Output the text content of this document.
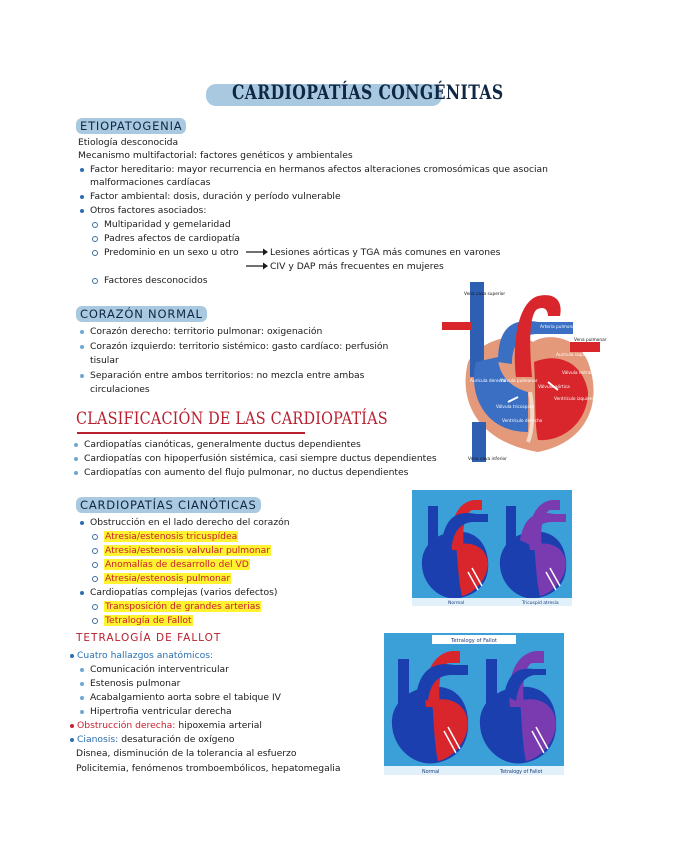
CARDIOPATÍAS CONGÉNITAS
ETIOPATOGENIA
Etiología desconocida
Mecanismo multifactorial: factores genéticos y ambientales
Factor hereditario: mayor recurrencia en hermanos afectos alteraciones cromosómicas que asocian
malformaciones cardíacas
Factor ambiental: dosis, duración y período vulnerable
Otros factores asociados:
Multiparidad y gemelaridad
Padres afectos de cardiopatía
Predominio en un sexo u otro	Lesiones aórticas y TGA más comunes en varones
CIV y DAP más frecuentes en mujeres
Factores desconocidos
CORAZÓN NORMAL
Corazón derecho: territorio pulmonar: oxigenación
Corazón izquierdo: territorio sistémico: gasto cardíaco: perfusión
tisular
Separación entre ambos territorios: no mezcla entre ambas
circulaciones
Vena cava superior	Aorta
Arteria pulmonar
Aurícula izquierda
Vena pulmonar
Aurícula derecha
Válvula pulmonar
Válvula mitral
Válvula aórtica
Ventrículo izquierdo
Válvula tricúspide
Ventrículo derecho
Vena cava inferior
CLASIFICACIÓN DE LAS CARDIOPATÍAS
Cardiopatías cianóticas, generalmente ductus dependientes
Cardiopatías con hipoperfusión sistémica, casi siempre ductus dependientes
Cardiopatías con aumento del flujo pulmonar, no ductus dependientes
CARDIOPATÍAS CIANÓTICAS
Obstrucción en el lado derecho del corazón
Atresia/estenosis tricuspídea
Atresia/estenosis valvular pulmonar
Anomalías de desarrollo del VD
Atresia/estenosis pulmonar
Cardiopatías complejas (varios defectos)
Transposición de grandes arterias
Tetralogía de Fallot
Normal	Tricuspid atresia
TETRALOGÍA DE FALLOT
Cuatro hallazgos anatómicos:
Comunicación interventricular
Estenosis pulmonar
Acabalgamiento aorta sobre el tabique IV
Hipertrofia ventricular derecha
Obstrucción derecha: hipoxemia arterial
Cianosis: desaturación de oxígeno
Disnea, disminución de la tolerancia al esfuerzo
Policitemia, fenómenos tromboembólicos, hepatomegalia
Tetralogy of Fallot
Normal	Tetralogy of Fallot
